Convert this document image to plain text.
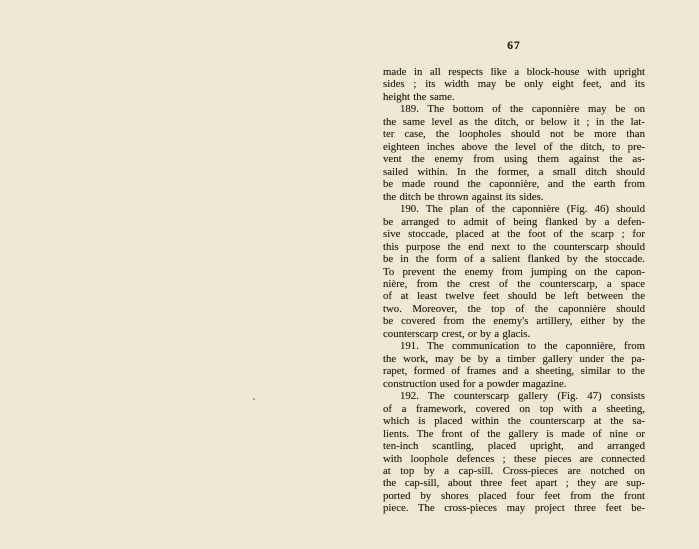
67
made in all respects like a block-house with upright
sides ; its width may be only eight feet, and its
height the same.
189. The bottom of the caponnière may be on
the same level as the ditch, or below it ; in the lat-
ter case, the loopholes should not be more than
eighteen inches above the level of the ditch, to pre-
vent the enemy from using them against the as-
sailed within. In the former, a small ditch should
be made round the caponnière, and the earth from
the ditch be thrown against its sides.
190. The plan of the caponnière (Fig. 46) should
be arranged to admit of being flanked by a defen-
sive stoccade, placed at the foot of the scarp ; for
this purpose the end next to the counterscarp should
be in the form of a salient flanked by the stoccade.
To prevent the enemy from jumping on the capon-
nière, from the crest of the counterscarp, a space
of at least twelve feet should be left between the
two. Moreover, the top of the caponnière should
be covered from the enemy's artillery, either by the
counterscarp crest, or by a glacis.
191. The communication to the caponnière, from
the work, may be by a timber gallery under the pa-
rapet, formed of frames and a sheeting, similar to the
construction used for a powder magazine.
192. The counterscarp gallery (Fig. 47) consists
of a framework, covered on top with a sheeting,
which is placed within the counterscarp at the sa-
lients. The front of the gallery is made of nine or
ten-inch scantling, placed upright, and arranged
with loophole defences ; these pieces are connected
at top by a cap-sill. Cross-pieces are notched on
the cap-sill, about three feet apart ; they are sup-
ported by shores placed four feet from the front
piece. The cross-pieces may project three feet be-
